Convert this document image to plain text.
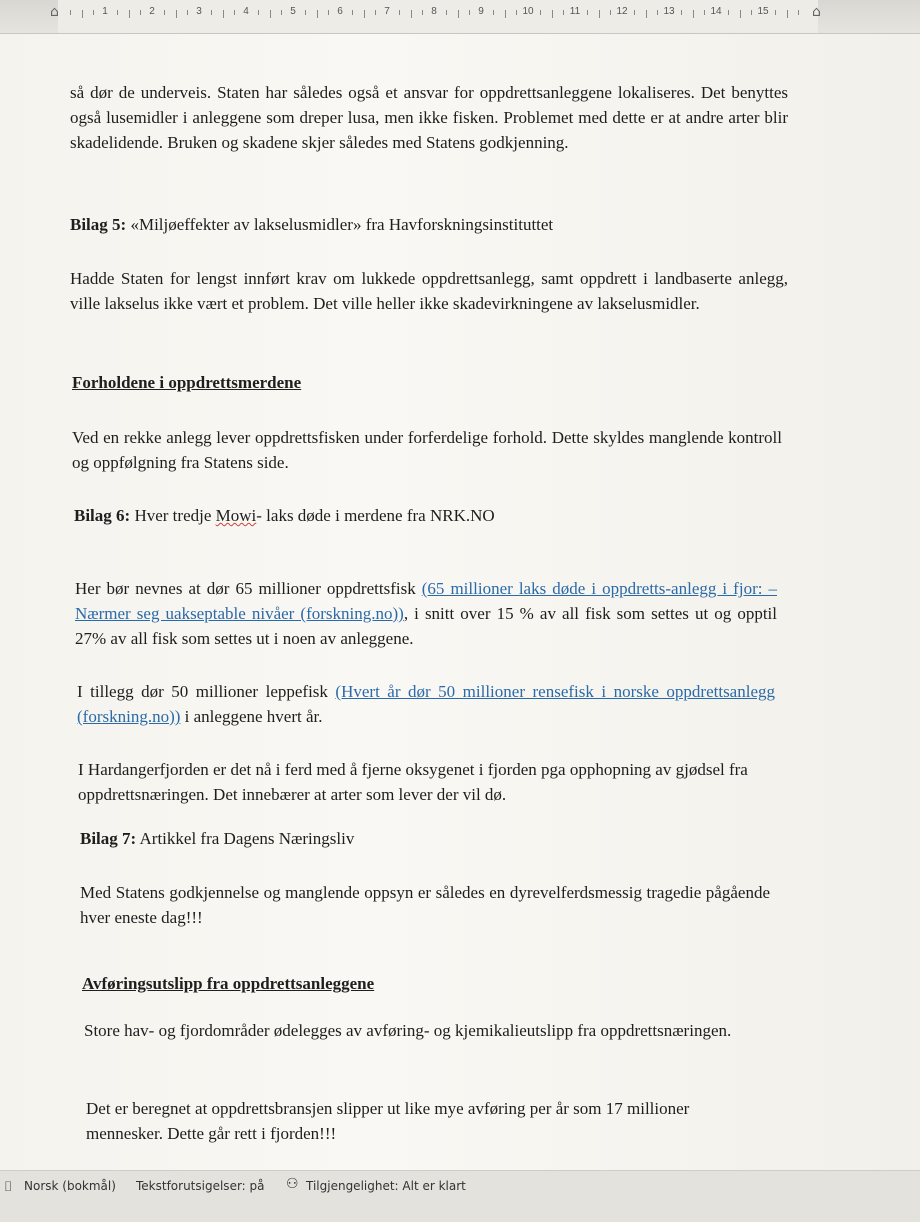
⌂	⌂
1	2	3	4	5	6	7	8	9	10	11	12	13	14	15

så dør de underveis. Staten har således også et ansvar for oppdrettsanleggene lokaliseres. Det benyttes også lusemidler i anleggene som dreper lusa, men ikke fisken. Problemet med dette er at andre arter blir skadelidende. Bruken og skadene skjer således med Statens godkjenning.

Bilag 5: «Miljøeffekter av lakselusmidler» fra Havforskningsinstituttet

Hadde Staten for lengst innført krav om lukkede oppdrettsanlegg, samt oppdrett i landbaserte anlegg, ville lakselus ikke vært et problem. Det ville heller ikke skadevirkningene av lakselusmidler.

Forholdene i oppdrettsmerdene

Ved en rekke anlegg lever oppdrettsfisken under forferdelige forhold. Dette skyldes manglende kontroll og oppfølgning fra Statens side.

Bilag 6: Hver tredje Mowi- laks døde i merdene fra NRK.NO

Her bør nevnes at dør 65 millioner oppdrettsfisk (65 millioner laks døde i oppdretts-anlegg i fjor: – Nærmer seg uakseptable nivåer (forskning.no)), i snitt over 15 % av all fisk som settes ut og opptil 27% av all fisk som settes ut i noen av anleggene.

I tillegg dør 50 millioner leppefisk (Hvert år dør 50 millioner rensefisk i norske oppdrettsanlegg (forskning.no)) i anleggene hvert år.

I Hardangerfjorden er det nå i ferd med å fjerne oksygenet i fjorden pga opphopning av gjødsel fra oppdrettsnæringen. Det innebærer at arter som lever der vil dø.

Bilag 7: Artikkel fra Dagens Næringsliv

Med Statens godkjennelse og manglende oppsyn er således en dyrevelferdsmessig tragedie pågående hver eneste dag!!!

Avføringsutslipp fra oppdrettsanleggene

Store hav- og fjordområder ødelegges av avføring- og kjemikalieutslipp fra oppdrettsnæringen.

Det er beregnet at oppdrettsbransjen slipper ut like mye avføring per år som 17 millioner mennesker. Dette går rett i fjorden!!!

⌷ Norsk (bokmål) Tekstforutsigelser: på ⚇ Tilgjengelighet: Alt er klart
